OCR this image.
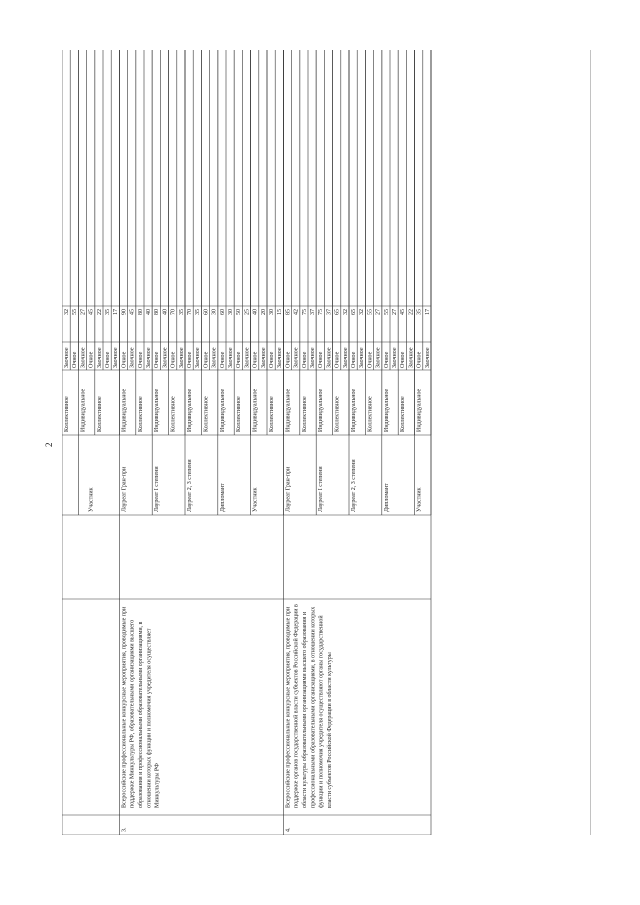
2
Участник
Коллективное
Заочное
32
Очное
55
Индивидуальное
Заочное
27
Очное
45
Коллективное
Заочное
22
Очное
35
Заочное
17
3.
Всероссийские профессиональные конкурсные мероприятия, проводимые при поддержке Минкультуры РФ, образовательными организациями высшего образования и профессиональными образовательными организациями, в отношении которых функции и полномочия учредителя осуществляет Минкультуры РФ
Лауреат Гран-при
Индивидуальное
Очное
90
Заочное
45
Коллективное
Очное
80
Заочное
40
Лауреат I степени
Индивидуальное
Очное
80
Заочное
40
Коллективное
Очное
70
Заочное
35
Лауреат 2, 3 степени
Индивидуальное
Очное
70
Заочное
35
Коллективное
Очное
60
Заочное
30
Дипломант
Индивидуальное
Очное
60
Заочное
30
Коллективное
Очное
50
Заочное
25
Участник
Индивидуальное
Очное
40
Заочное
20
Коллективное
Очное
30
Заочное
15
4.
Всероссийские профессиональные конкурсные мероприятия, проводимые при поддержке органов государственной власти субъектов Российской Федерации в области культуры образовательными организациями высшего образования и профессиональными образовательными организациями, в отношении которых функции и полномочия учредителя осуществляют органы государственной власти субъектов Российской Федерации в области культуры
Лауреат Гран-при
Индивидуальное
Очное
85
Заочное
42
Коллективное
Очное
75
Заочное
37
Лауреат I степени
Индивидуальное
Очное
75
Заочное
37
Коллективное
Очное
65
Заочное
32
Лауреат 2, 3 степени
Индивидуальное
Очное
65
Заочное
32
Коллективное
Очное
55
Заочное
27
Дипломант
Индивидуальное
Очное
55
Заочное
27
Коллективное
Очное
45
Заочное
22
Участник
Индивидуальное
Очное
35
Заочное
17
